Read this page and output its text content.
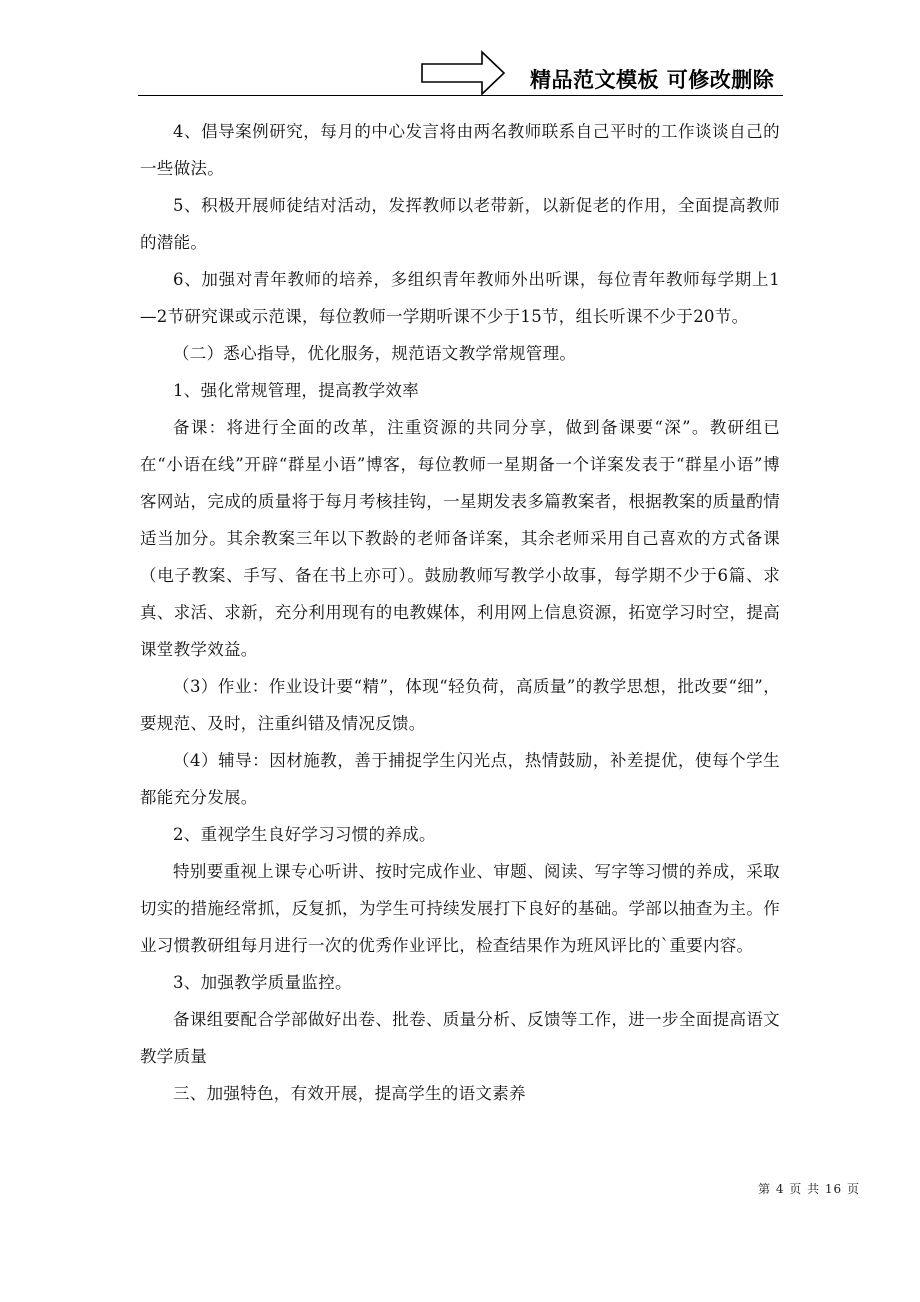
精品范文模板 可修改删除

4、倡导案例研究，每月的中心发言将由两名教师联系自己平时的工作谈谈自己的一些做法。

5、积极开展师徒结对活动，发挥教师以老带新，以新促老的作用，全面提高教师的潜能。

6、加强对青年教师的培养，多组织青年教师外出听课，每位青年教师每学期上1—2节研究课或示范课，每位教师一学期听课不少于15节，组长听课不少于20节。

（二）悉心指导，优化服务，规范语文教学常规管理。

1、强化常规管理，提高教学效率

备课：将进行全面的改革，注重资源的共同分享，做到备课要“深”。教研组已在“小语在线”开辟“群星小语”博客，每位教师一星期备一个详案发表于“群星小语”博客网站，完成的质量将于每月考核挂钩，一星期发表多篇教案者，根据教案的质量酌情适当加分。其余教案三年以下教龄的老师备详案，其余老师采用自己喜欢的方式备课（电子教案、手写、备在书上亦可）。鼓励教师写教学小故事，每学期不少于6篇、求真、求活、求新，充分利用现有的电教媒体，利用网上信息资源，拓宽学习时空，提高课堂教学效益。

（3）作业：作业设计要“精”，体现“轻负荷，高质量”的教学思想，批改要“细”，要规范、及时，注重纠错及情况反馈。

（4）辅导：因材施教，善于捕捉学生闪光点，热情鼓励，补差提优，使每个学生都能充分发展。

2、重视学生良好学习习惯的养成。

特别要重视上课专心听讲、按时完成作业、审题、阅读、写字等习惯的养成，采取切实的措施经常抓，反复抓，为学生可持续发展打下良好的基础。学部以抽查为主。作业习惯教研组每月进行一次的优秀作业评比，检查结果作为班风评比的`重要内容。

3、加强教学质量监控。

备课组要配合学部做好出卷、批卷、质量分析、反馈等工作，进一步全面提高语文教学质量

三、加强特色，有效开展，提高学生的语文素养

第 4 页 共 16 页
